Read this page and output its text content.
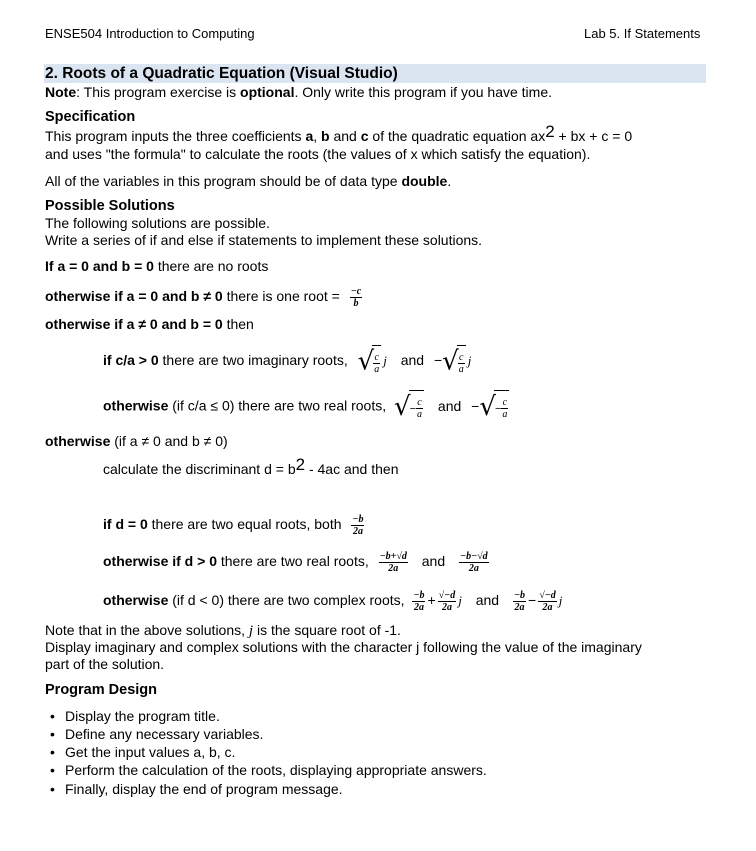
ENSE504 Introduction to Computing	Lab 5. If Statements
2. Roots of a Quadratic Equation (Visual Studio)
Note: This program exercise is optional. Only write this program if you have time.
Specification
This program inputs the three coefficients a, b and c of the quadratic equation ax2 + bx + c = 0
and uses "the formula" to calculate the roots (the values of x which satisfy the equation).
All of the variables in this program should be of data type double.
Possible Solutions
The following solutions are possible.
Write a series of if and else if statements to implement these solutions.
If a = 0 and b = 0 there are no roots
otherwise if a = 0 and b ≠ 0 there is one root = $\frac{-c}{b}$
otherwise if a ≠ 0 and b = 0 then
if c/a > 0 there are two imaginary roots, √ $\frac{c}{a}$ j and −√ $\frac{c}{a}$ j
otherwise (if c/a ≤ 0) there are two real roots, √− $\frac{c}{a}$ and −√− $\frac{c}{a}$
otherwise (if a ≠ 0 and b ≠ 0)
calculate the discriminant d = b2 - 4ac and then
if d = 0 there are two equal roots, both $\frac{-b}{2a}$
otherwise if d > 0 there are two real roots, $\frac{-b+√d}{2a}$ and $\frac{-b-√d}{2a}$
otherwise (if d < 0) there are two complex roots, $\frac{-b}{2a} + \frac{√-d}{2a}$ j and $\frac{-b}{2a} - \frac{√-d}{2a}$ j
Note that in the above solutions, j is the square root of -1.
Display imaginary and complex solutions with the character j following the value of the imaginary
part of the solution.
Program Design
• Display the program title.
• Define any necessary variables.
• Get the input values a, b, c.
• Perform the calculation of the roots, displaying appropriate answers.
• Finally, display the end of program message.
